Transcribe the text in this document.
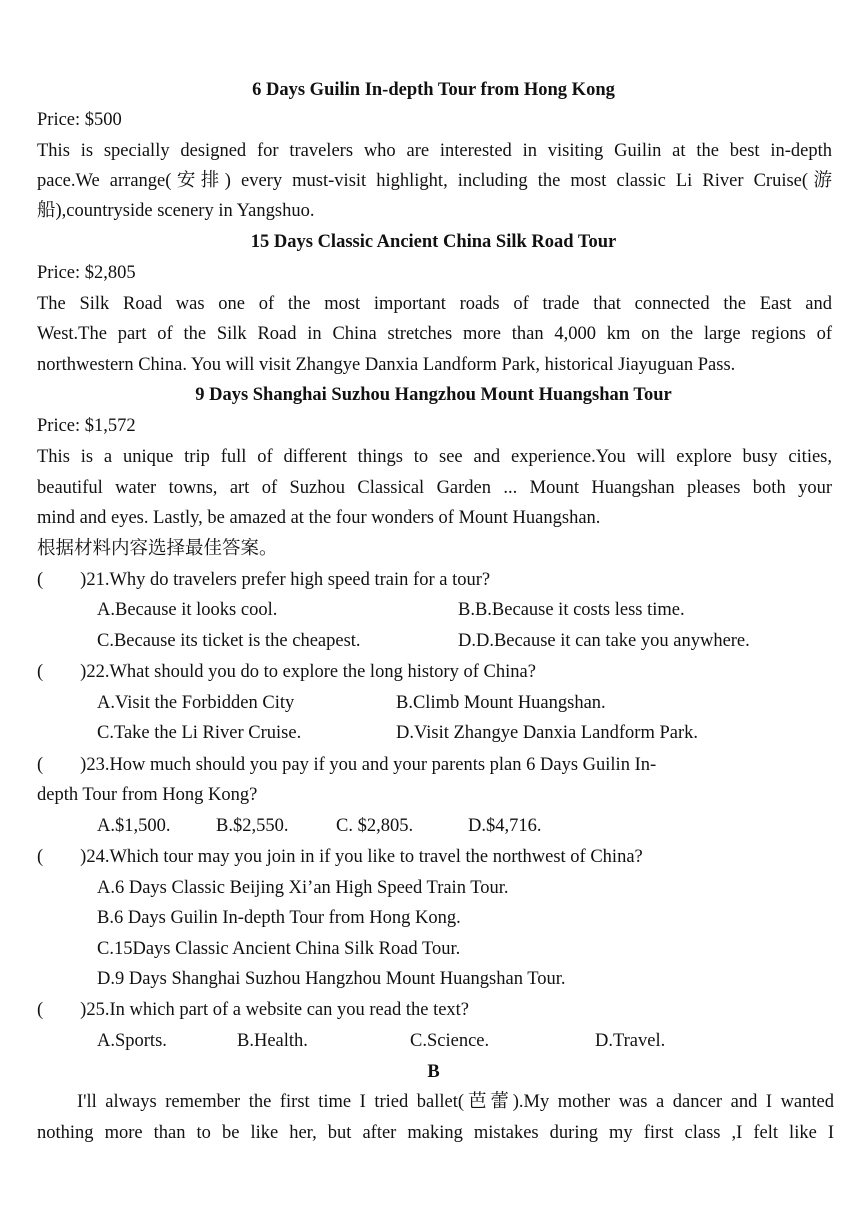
6 Days Guilin In-depth Tour from Hong Kong
Price: $500
This is specially designed for travelers who are interested in visiting Guilin at the best in-depth
pace.We arrange(安排) every must-visit highlight, including the most classic Li River Cruise(游
船),countryside scenery in Yangshuo.
15 Days Classic Ancient China Silk Road Tour
Price: $2,805
The Silk Road was one of the most important roads of trade that connected the East and
West.The part of the Silk Road in China stretches more than 4,000 km on the large regions of
northwestern China. You will visit Zhangye Danxia Landform Park, historical Jiayuguan Pass.
9 Days Shanghai Suzhou Hangzhou Mount Huangshan Tour
Price: $1,572
This is a unique trip full of different things to see and experience.You will explore busy cities,
beautiful water towns, art of Suzhou Classical Garden ... Mount Huangshan pleases both your
mind and eyes. Lastly, be amazed at the four wonders of Mount Huangshan.
根据材料内容选择最佳答案。
(　　)21.Why do travelers prefer high speed train for a tour?
A.Because it looks cool.	B.B.Because it costs less time.
C.Because its ticket is the cheapest.	D.D.Because it can take you anywhere.
(　　)22.What should you do to explore the long history of China?
A.Visit the Forbidden City	B.Climb Mount Huangshan.
C.Take the Li River Cruise.	D.Visit Zhangye Danxia Landform Park.
(　　)23.How much should you pay if you and your parents plan 6 Days Guilin In-
depth Tour from Hong Kong?
A.$1,500. B.$2,550.	C. $2,805.	D.$4,716.
(　　)24.Which tour may you join in if you like to travel the northwest of China?
A.6 Days Classic Beijing Xi’an High Speed Train Tour.
B.6 Days Guilin In-depth Tour from Hong Kong.
C.15Days Classic Ancient China Silk Road Tour.
D.9 Days Shanghai Suzhou Hangzhou Mount Huangshan Tour.
(　　)25.In which part of a website can you read the text?
A.Sports.	B.Health.	C.Science.	D.Travel.
B
I'll always remember the first time I tried ballet(芭蕾).My mother was a dancer and I wanted
nothing more than to be like her, but after making mistakes during my first class ,I felt like I
